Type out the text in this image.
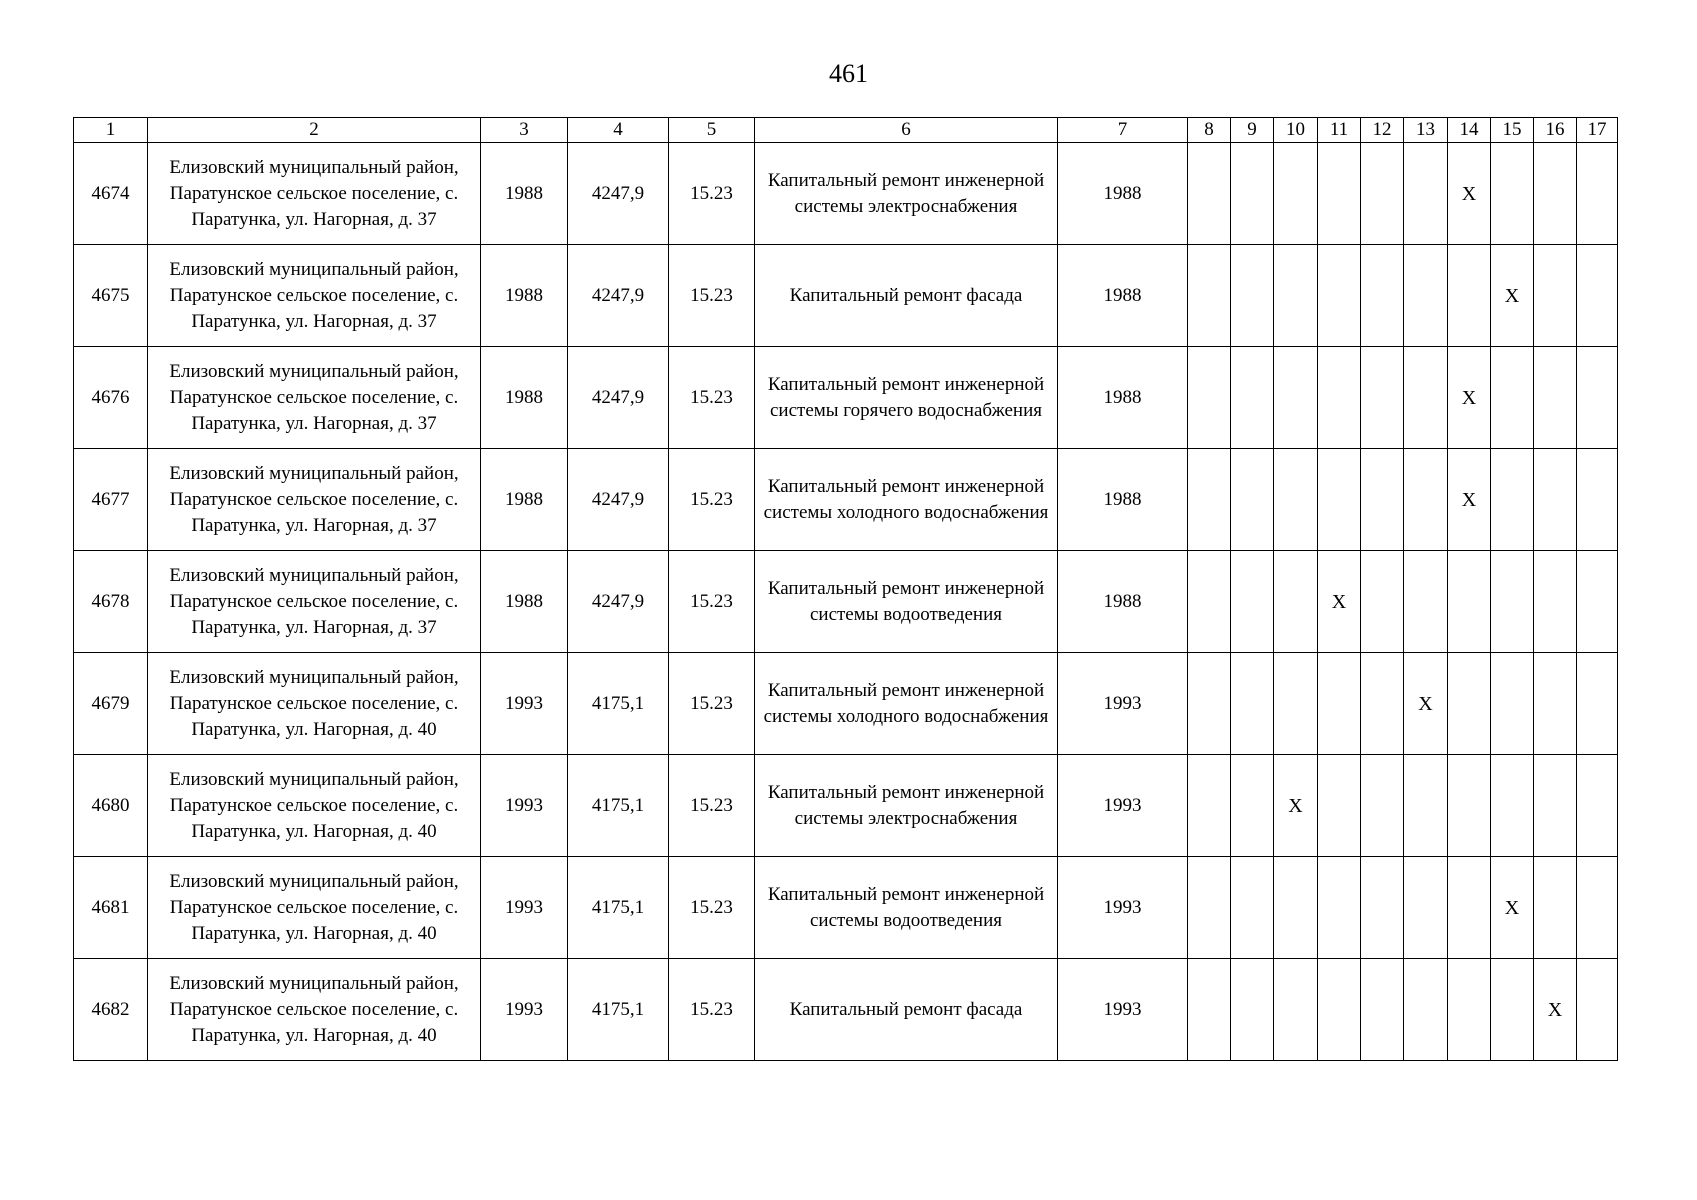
461
1	2	3	4	5	6	7	8	9	10	11	12	13	14	15	16	17
4674	Елизовский муниципальный район, Паратунское сельское поселение, с. Паратунка, ул. Нагорная, д. 37	1988	4247,9	15.23	Капитальный ремонт инженерной системы электроснабжения	1988							X			
4675	Елизовский муниципальный район, Паратунское сельское поселение, с. Паратунка, ул. Нагорная, д. 37	1988	4247,9	15.23	Капитальный ремонт фасада	1988								X		
4676	Елизовский муниципальный район, Паратунское сельское поселение, с. Паратунка, ул. Нагорная, д. 37	1988	4247,9	15.23	Капитальный ремонт инженерной системы горячего водоснабжения	1988							X			
4677	Елизовский муниципальный район, Паратунское сельское поселение, с. Паратунка, ул. Нагорная, д. 37	1988	4247,9	15.23	Капитальный ремонт инженерной системы холодного водоснабжения	1988							X			
4678	Елизовский муниципальный район, Паратунское сельское поселение, с. Паратунка, ул. Нагорная, д. 37	1988	4247,9	15.23	Капитальный ремонт инженерной системы водоотведения	1988				X						
4679	Елизовский муниципальный район, Паратунское сельское поселение, с. Паратунка, ул. Нагорная, д. 40	1993	4175,1	15.23	Капитальный ремонт инженерной системы холодного водоснабжения	1993						X				
4680	Елизовский муниципальный район, Паратунское сельское поселение, с. Паратунка, ул. Нагорная, д. 40	1993	4175,1	15.23	Капитальный ремонт инженерной системы электроснабжения	1993			X							
4681	Елизовский муниципальный район, Паратунское сельское поселение, с. Паратунка, ул. Нагорная, д. 40	1993	4175,1	15.23	Капитальный ремонт инженерной системы водоотведения	1993								X		
4682	Елизовский муниципальный район, Паратунское сельское поселение, с. Паратунка, ул. Нагорная, д. 40	1993	4175,1	15.23	Капитальный ремонт фасада	1993									X	
